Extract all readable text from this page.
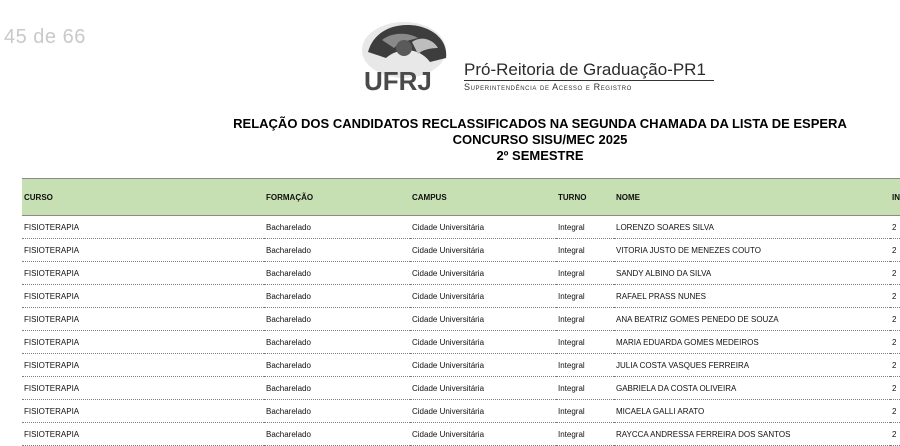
45 de 66
UFRJ Pró-Reitoria de Graduação-PR1
Superintendência de Acesso e Registro
RELAÇÃO DOS CANDIDATOS RECLASSIFICADOS NA SEGUNDA CHAMADA DA LISTA DE ESPERA
CONCURSO SISU/MEC 2025
2º SEMESTRE
CURSO	FORMAÇÃO	CAMPUS	TURNO	NOME	IN
FISIOTERAPIA	Bacharelado	Cidade Universitária	Integral	LORENZO SOARES SILVA	2
FISIOTERAPIA	Bacharelado	Cidade Universitária	Integral	VITORIA JUSTO DE MENEZES COUTO	2
FISIOTERAPIA	Bacharelado	Cidade Universitária	Integral	SANDY ALBINO DA SILVA	2
FISIOTERAPIA	Bacharelado	Cidade Universitária	Integral	RAFAEL PRASS NUNES	2
FISIOTERAPIA	Bacharelado	Cidade Universitária	Integral	ANA BEATRIZ GOMES PENEDO DE SOUZA	2
FISIOTERAPIA	Bacharelado	Cidade Universitária	Integral	MARIA EDUARDA GOMES MEDEIROS	2
FISIOTERAPIA	Bacharelado	Cidade Universitária	Integral	JULIA COSTA VASQUES FERREIRA	2
FISIOTERAPIA	Bacharelado	Cidade Universitária	Integral	GABRIELA DA COSTA OLIVEIRA	2
FISIOTERAPIA	Bacharelado	Cidade Universitária	Integral	MICAELA GALLI ARATO	2
FISIOTERAPIA	Bacharelado	Cidade Universitária	Integral	RAYCCA ANDRESSA FERREIRA DOS SANTOS	2
